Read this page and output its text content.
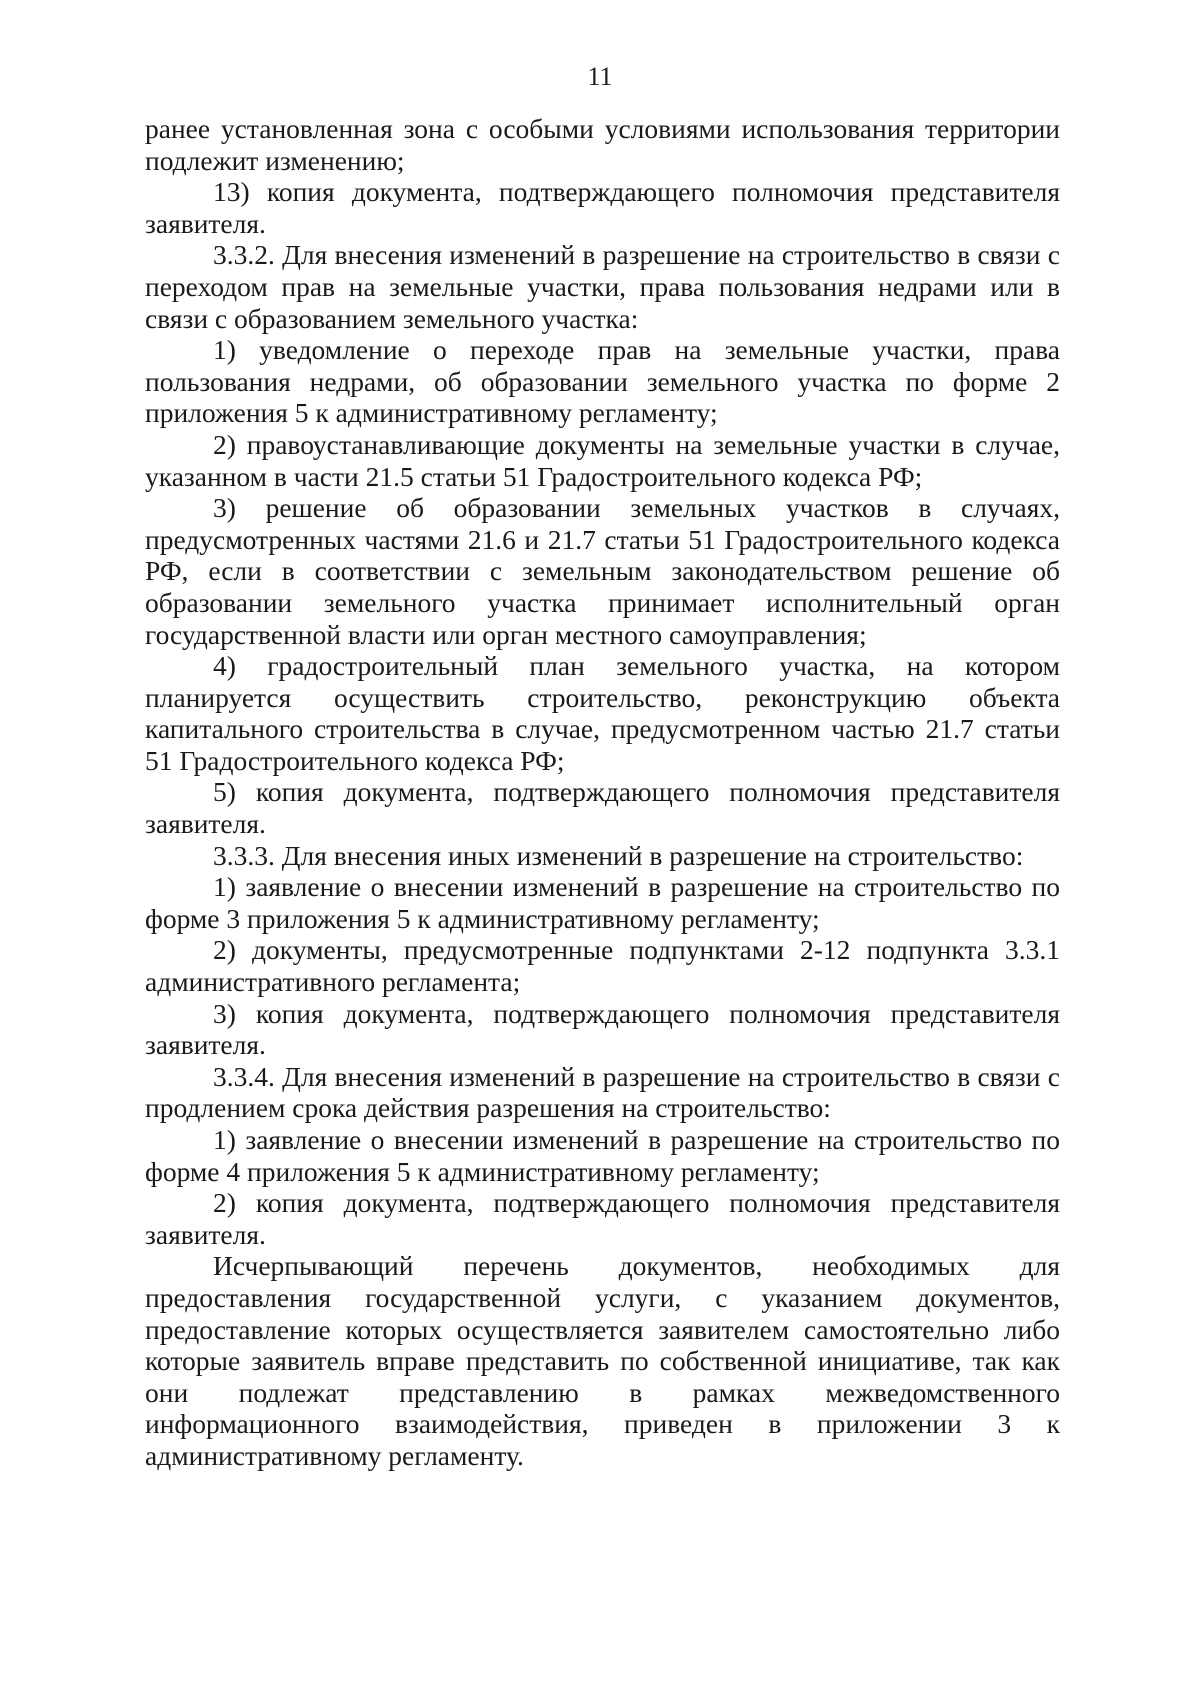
11

ранее установленная зона с особыми условиями использования территории подлежит изменению;

13) копия документа, подтверждающего полномочия представителя заявителя.

3.3.2. Для внесения изменений в разрешение на строительство в связи с переходом прав на земельные участки, права пользования недрами или в связи с образованием земельного участка:

1) уведомление о переходе прав на земельные участки, права пользования недрами, об образовании земельного участка по форме 2 приложения 5 к административному регламенту;

2) правоустанавливающие документы на земельные участки в случае, указанном в части 21.5 статьи 51 Градостроительного кодекса РФ;

3) решение об образовании земельных участков в случаях, предусмотренных частями 21.6 и 21.7 статьи 51 Градостроительного кодекса РФ, если в соответствии с земельным законодательством решение об образовании земельного участка принимает исполнительный орган государственной власти или орган местного самоуправления;

4) градостроительный план земельного участка, на котором планируется осуществить строительство, реконструкцию объекта капитального строительства в случае, предусмотренном частью 21.7 статьи 51 Градостроительного кодекса РФ;

5) копия документа, подтверждающего полномочия представителя заявителя.

3.3.3. Для внесения иных изменений в разрешение на строительство:

1) заявление о внесении изменений в разрешение на строительство по форме 3 приложения 5 к административному регламенту;

2) документы, предусмотренные подпунктами 2-12 подпункта 3.3.1 административного регламента;

3) копия документа, подтверждающего полномочия представителя заявителя.

3.3.4. Для внесения изменений в разрешение на строительство в связи с продлением срока действия разрешения на строительство:

1) заявление о внесении изменений в разрешение на строительство по форме 4 приложения 5 к административному регламенту;

2) копия документа, подтверждающего полномочия представителя заявителя.

Исчерпывающий перечень документов, необходимых для предоставления государственной услуги, с указанием документов, предоставление которых осуществляется заявителем самостоятельно либо которые заявитель вправе представить по собственной инициативе, так как они подлежат представлению в рамках межведомственного информационного взаимодействия, приведен в приложении 3 к административному регламенту.
